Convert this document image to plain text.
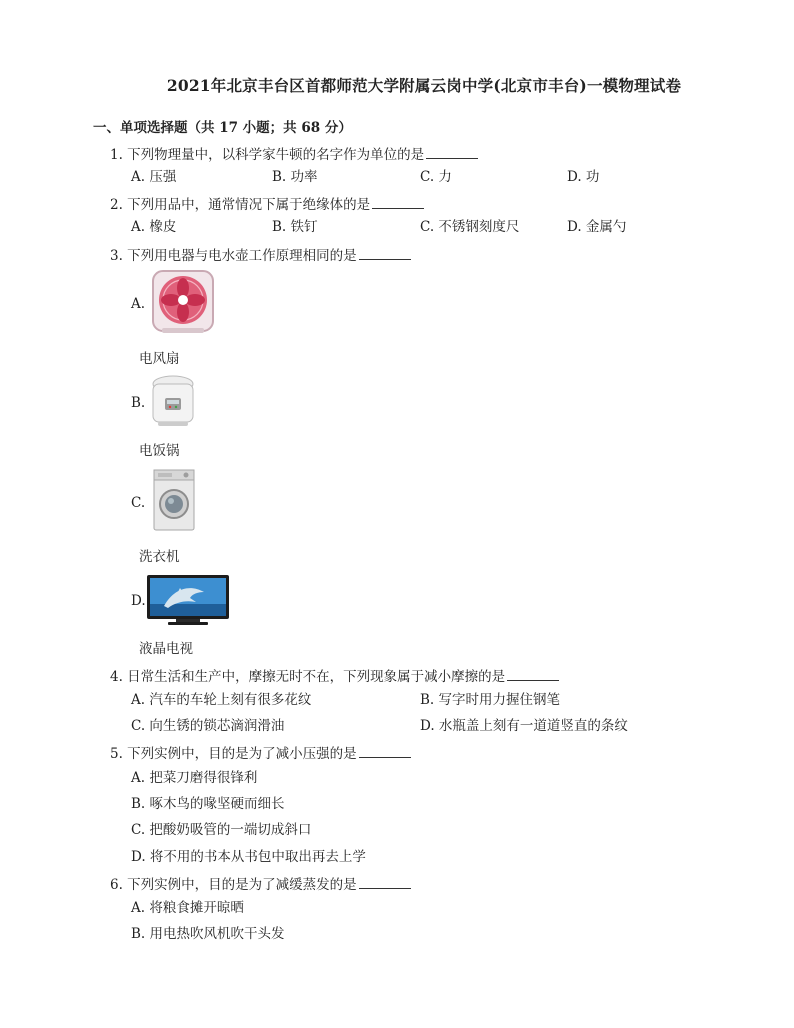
2021年北京丰台区首都师范大学附属云岗中学(北京市丰台)一模物理试卷
一、单项选择题（共 17 小题；共 68 分）
1. 下列物理量中，以科学家牛顿的名字作为单位的是
A. 压强	B. 功率	C. 力	D. 功
2. 下列用品中，通常情况下属于绝缘体的是
A. 橡皮	B. 铁钉	C. 不锈钢刻度尺	D. 金属勺
3. 下列用电器与电水壶工作原理相同的是
A.
电风扇
B.
电饭锅
C.
洗衣机
D.
液晶电视
4. 日常生活和生产中，摩擦无时不在，下列现象属于减小摩擦的是
A. 汽车的车轮上刻有很多花纹	B. 写字时用力握住钢笔
C. 向生锈的锁芯滴润滑油	D. 水瓶盖上刻有一道道竖直的条纹
5. 下列实例中，目的是为了减小压强的是
A. 把菜刀磨得很锋利
B. 啄木鸟的喙坚硬而细长
C. 把酸奶吸管的一端切成斜口
D. 将不用的书本从书包中取出再去上学
6. 下列实例中，目的是为了减缓蒸发的是
A. 将粮食摊开晾晒
B. 用电热吹风机吹干头发
